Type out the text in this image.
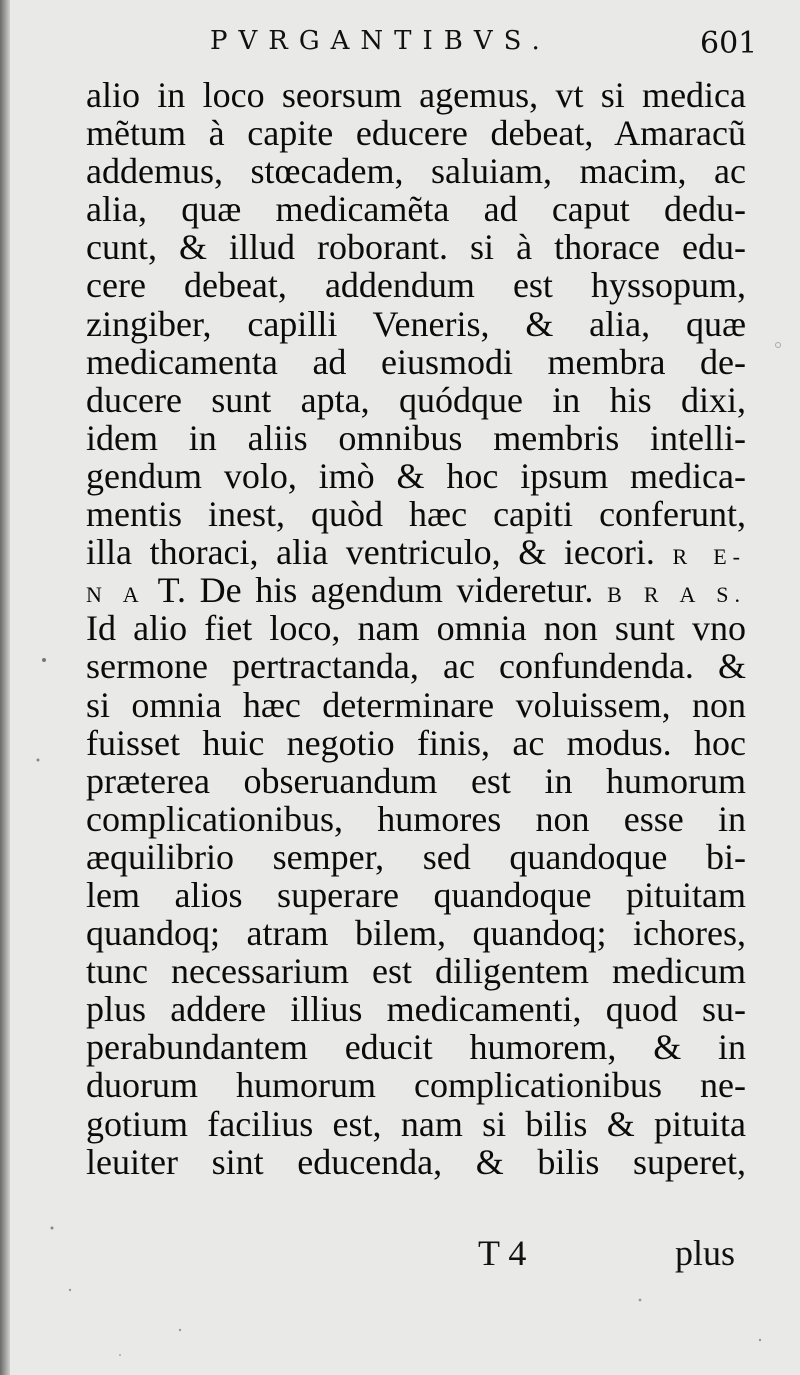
PVRGANTIBVS.	601
alio in loco seorsum agemus, vt si medica
mẽtum à capite educere debeat, Amaracũ
addemus, stœcadem, saluiam, macim, ac
alia, quæ medicamẽta ad caput dedu-
cunt, & illud roborant. si à thorace edu-
cere debeat, addendum est hyssopum,
zingiber, capilli Veneris, & alia, quæ
medicamenta ad eiusmodi membra de-
ducere sunt apta, quódque in his dixi,
idem in aliis omnibus membris intelli-
gendum volo, imò & hoc ipsum medica-
mentis inest, quòd hæc capiti conferunt,
illa thoraci, alia ventriculo, & iecori. R E-
N A T. De his agendum videretur. B R A S.
Id alio fiet loco, nam omnia non sunt vno
sermone pertractanda, ac confundenda. &
si omnia hæc determinare voluissem, non
fuisset huic negotio finis, ac modus. hoc
præterea obseruandum est in humorum
complicationibus, humores non esse in
æquilibrio semper, sed quandoque bi-
lem alios superare quandoque pituitam
quandoq; atram bilem, quandoq; ichores,
tunc necessarium est diligentem medicum
plus addere illius medicamenti, quod su-
perabundantem educit humorem, & in
duorum humorum complicationibus ne-
gotium facilius est, nam si bilis & pituita
leuiter sint educenda, & bilis superet,
T 4	plus
